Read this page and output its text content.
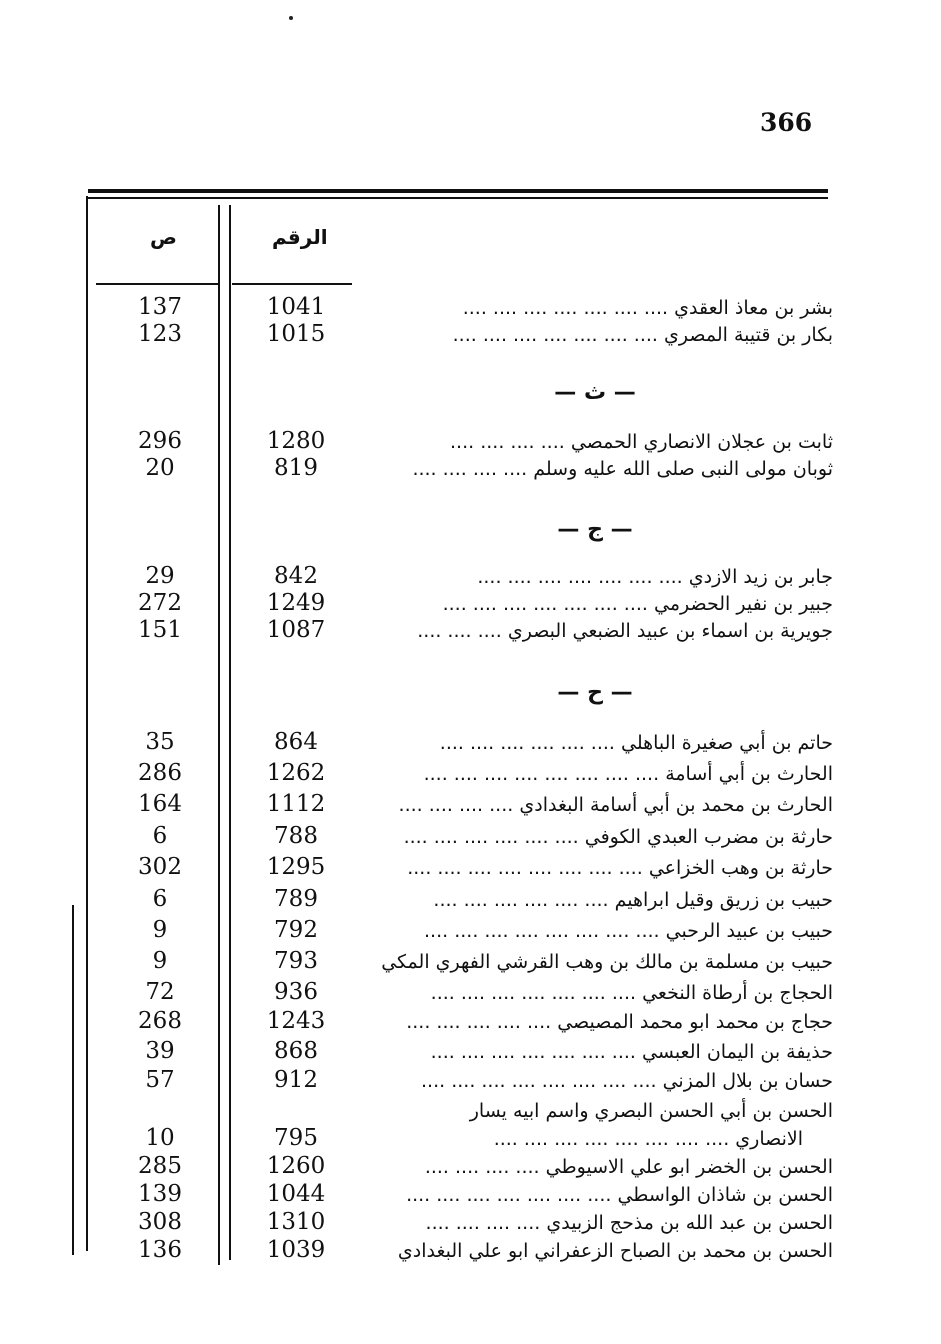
366
ص	الرقم
— ث —
— ج —
— ح —
137	1041	بشر بن معاذ العقدي .... .... .... .... .... .... ....
123	1015	بكار بن قتيبة المصري .... .... .... .... .... .... ....
296	1280	ثابت بن عجلان الانصاري الحمصي .... .... .... ....
20	819	ثوبان مولى النبى صلى الله عليه وسلم .... .... .... ....
29	842	جابر بن زيد الازدي .... .... .... .... .... .... ....
272	1249	جبير بن نفير الحضرمي .... .... .... .... .... .... ....
151	1087	جويرية بن اسماء بن عبيد الضبعي البصري .... .... ....
35	864	حاتم بن أبي صغيرة الباهلي .... .... .... .... .... ....
286	1262	الحارث بن أبي أسامة .... .... .... .... .... .... .... ....
164	1112	الحارث بن محمد بن أبي أسامة البغدادي .... .... .... ....
6	788	حارثة بن مضرب العبدي الكوفي .... .... .... .... .... ....
302	1295	حارثة بن وهب الخزاعي .... .... .... .... .... .... .... ....
6	789	حبيب بن زريق وقيل ابراهيم .... .... .... .... .... ....
9	792	حبيب بن عبيد الرحبي .... .... .... .... .... .... .... ....
9	793	حبيب بن مسلمة بن مالك بن وهب القرشي الفهري المكي
72	936	الحجاج بن أرطاة النخعي .... .... .... .... .... .... ....
268	1243	حجاج بن محمد ابو محمد المصيصي .... .... .... .... ....
39	868	حذيفة بن اليمان العبسي .... .... .... .... .... .... ....
57	912	حسان بن بلال المزني .... .... .... .... .... .... .... ....
الحسن بن أبي الحسن البصري واسم ابيه يسار
10	795	الانصاري .... .... .... .... .... .... .... ....
285	1260	الحسن بن الخضر ابو علي الاسيوطي .... .... .... ....
139	1044	الحسن بن شاذان الواسطي .... .... .... .... .... .... ....
308	1310	الحسن بن عبد الله بن مذحج الزبيدي .... .... .... ....
136	1039	الحسن بن محمد بن الصباح الزعفراني ابو علي البغدادي
